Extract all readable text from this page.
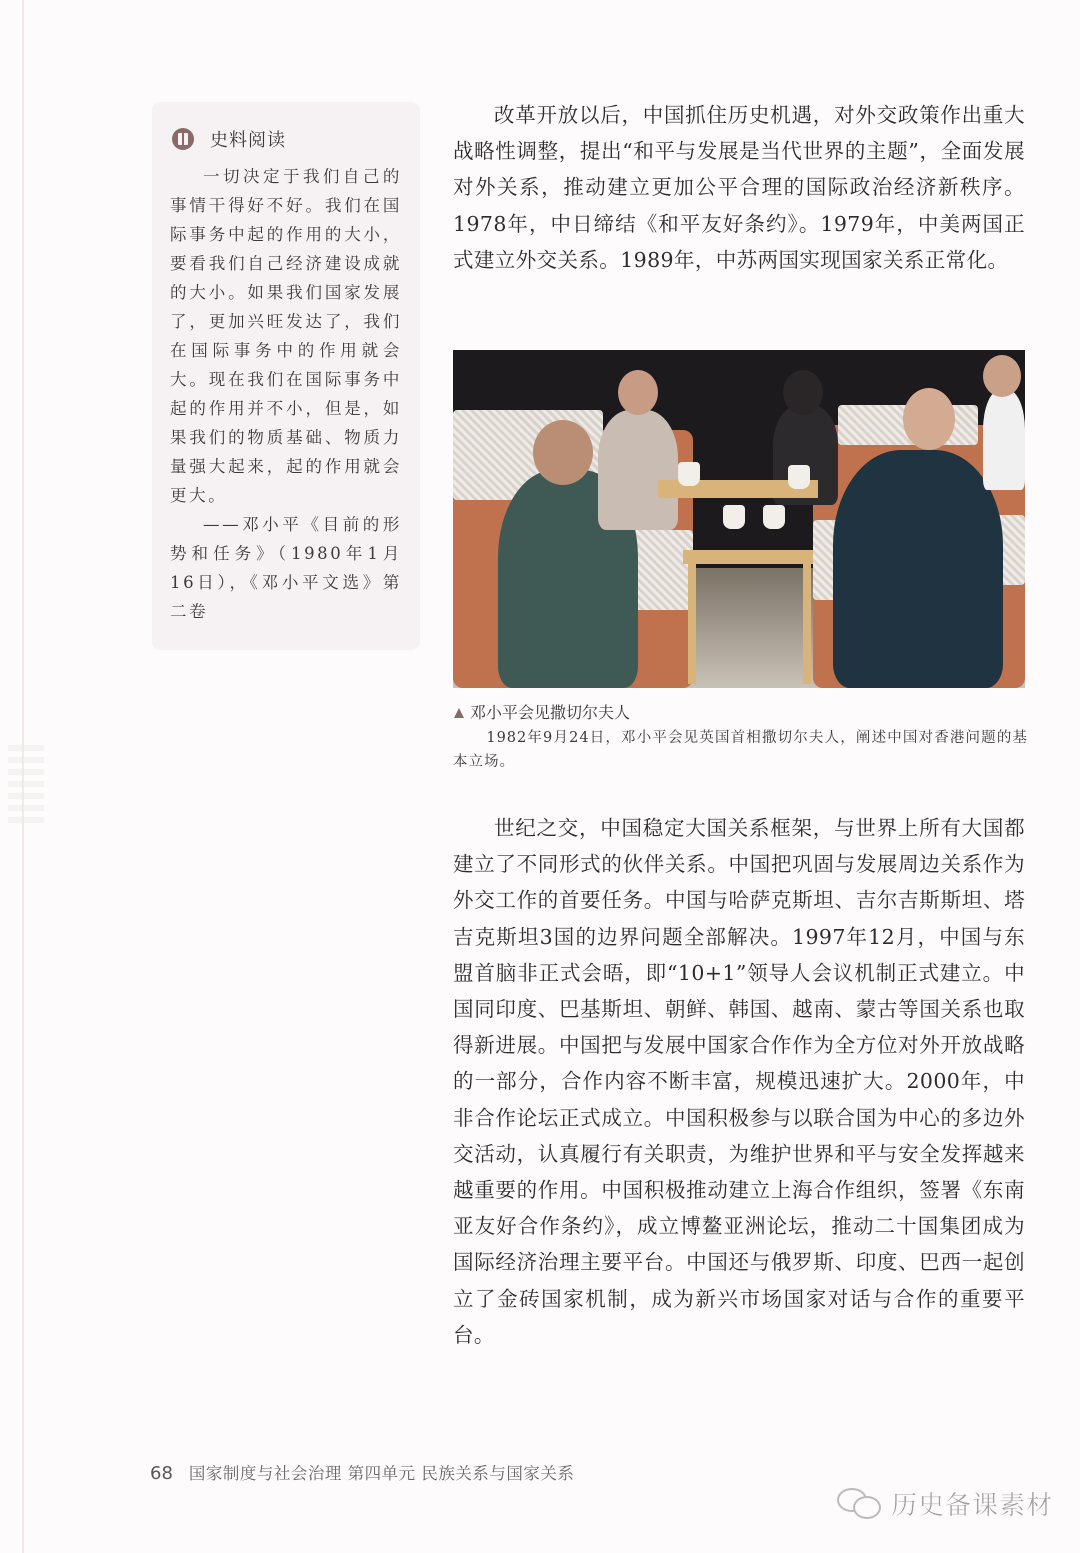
史料阅读

一切决定于我们自己的事情干得好不好。我们在国际事务中起的作用的大小，要看我们自己经济建设成就的大小。如果我们国家发展了，更加兴旺发达了，我们在国际事务中的作用就会大。现在我们在国际事务中起的作用并不小，但是，如果我们的物质基础、物质力量强大起来，起的作用就会更大。

——邓小平《目前的形势和任务》（1980年1月16日），《邓小平文选》第二卷

改革开放以后，中国抓住历史机遇，对外交政策作出重大战略性调整，提出“和平与发展是当代世界的主题”，全面发展对外关系，推动建立更加公平合理的国际政治经济新秩序。1978年，中日缔结《和平友好条约》。1979年，中美两国正式建立外交关系。1989年，中苏两国实现国家关系正常化。

邓小平会见撒切尔夫人

1982年9月24日，邓小平会见英国首相撒切尔夫人，阐述中国对香港问题的基本立场。

世纪之交，中国稳定大国关系框架，与世界上所有大国都建立了不同形式的伙伴关系。中国把巩固与发展周边关系作为外交工作的首要任务。中国与哈萨克斯坦、吉尔吉斯斯坦、塔吉克斯坦3国的边界问题全部解决。1997年12月，中国与东盟首脑非正式会晤，即“10+1”领导人会议机制正式建立。中国同印度、巴基斯坦、朝鲜、韩国、越南、蒙古等国关系也取得新进展。中国把与发展中国家合作作为全方位对外开放战略的一部分，合作内容不断丰富，规模迅速扩大。2000年，中非合作论坛正式成立。中国积极参与以联合国为中心的多边外交活动，认真履行有关职责，为维护世界和平与安全发挥越来越重要的作用。中国积极推动建立上海合作组织，签署《东南亚友好合作条约》，成立博鳌亚洲论坛，推动二十国集团成为国际经济治理主要平台。中国还与俄罗斯、印度、巴西一起创立了金砖国家机制，成为新兴市场国家对话与合作的重要平台。

68 国家制度与社会治理 第四单元 民族关系与国家关系
历史备课素材
